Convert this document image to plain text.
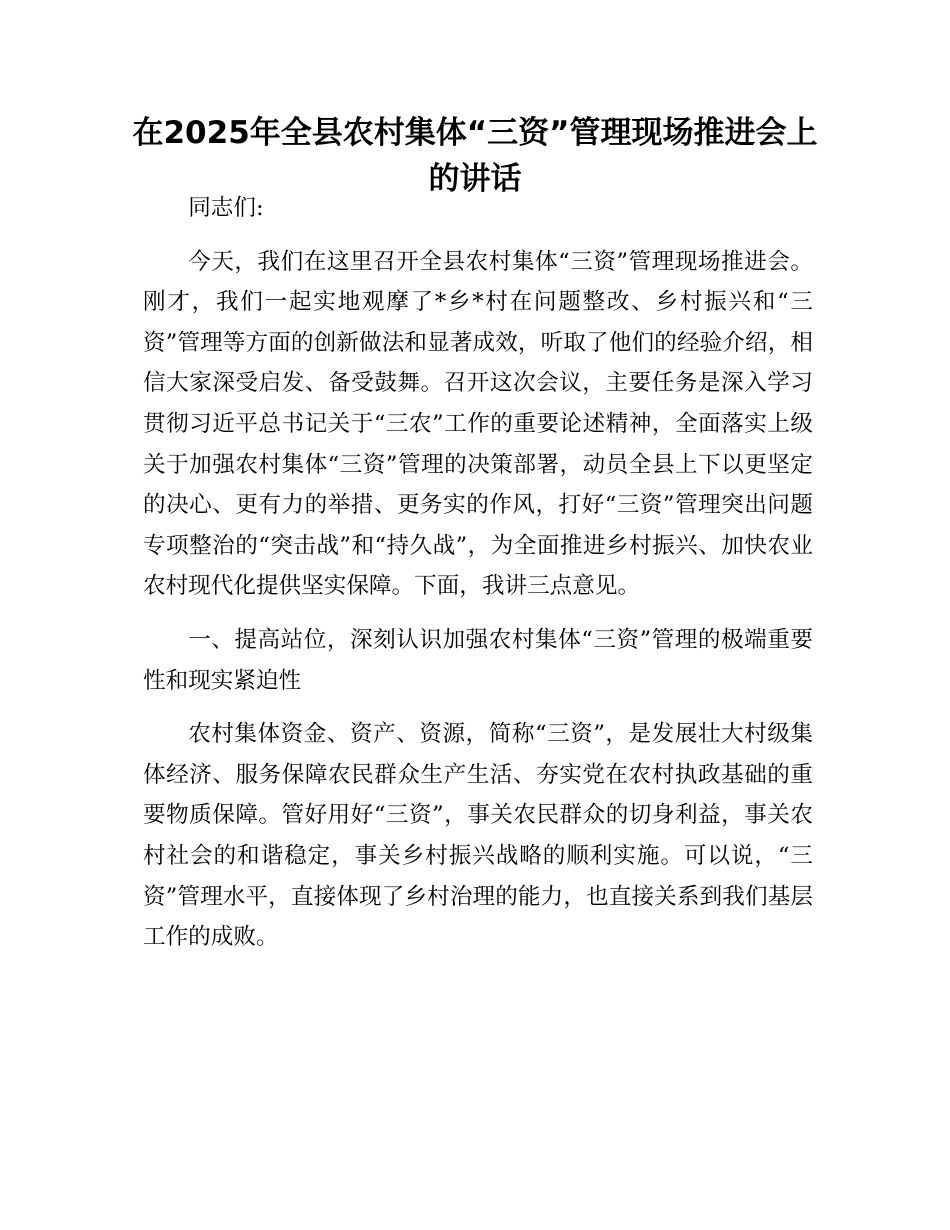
在2025年全县农村集体“三资”管理现场推进会上的讲话

同志们:

今天，我们在这里召开全县农村集体“三资”管理现场推进会。刚才，我们一起实地观摩了*乡*村在问题整改、乡村振兴和“三资”管理等方面的创新做法和显著成效，听取了他们的经验介绍，相信大家深受启发、备受鼓舞。召开这次会议，主要任务是深入学习贯彻习近平总书记关于“三农”工作的重要论述精神，全面落实上级关于加强农村集体“三资”管理的决策部署，动员全县上下以更坚定的决心、更有力的举措、更务实的作风，打好“三资”管理突出问题专项整治的“突击战”和“持久战”，为全面推进乡村振兴、加快农业农村现代化提供坚实保障。下面，我讲三点意见。

一、提高站位，深刻认识加强农村集体“三资”管理的极端重要性和现实紧迫性

农村集体资金、资产、资源，简称“三资”，是发展壮大村级集体经济、服务保障农民群众生产生活、夯实党在农村执政基础的重要物质保障。管好用好“三资”，事关农民群众的切身利益，事关农村社会的和谐稳定，事关乡村振兴战略的顺利实施。可以说，“三资”管理水平，直接体现了乡村治理的能力，也直接关系到我们基层工作的成败。
